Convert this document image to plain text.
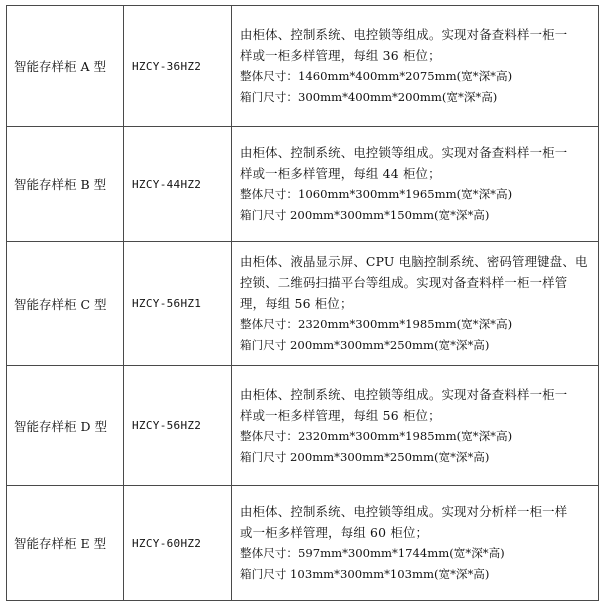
智能存样柜 A 型	HZCY-36HZ2	由柜体、控制系统、电控锁等组成。实现对备查料样一柜一
样或一柜多样管理，每组 36 柜位；
整体尺寸：1460mm*400mm*2075mm(宽*深*高)
箱门尺寸：300mm*400mm*200mm(宽*深*高)

智能存样柜 B 型	HZCY-44HZ2	由柜体、控制系统、电控锁等组成。实现对备查料样一柜一
样或一柜多样管理，每组 44 柜位；
整体尺寸：1060mm*300mm*1965mm(宽*深*高)
箱门尺寸 200mm*300mm*150mm(宽*深*高)

智能存样柜 C 型	HZCY-56HZ1	由柜体、液晶显示屏、CPU 电脑控制系统、密码管理键盘、电
控锁、二维码扫描平台等组成。实现对备查料样一柜一样管
理，每组 56 柜位；
整体尺寸：2320mm*300mm*1985mm(宽*深*高)
箱门尺寸 200mm*300mm*250mm(宽*深*高)

智能存样柜 D 型	HZCY-56HZ2	由柜体、控制系统、电控锁等组成。实现对备查料样一柜一
样或一柜多样管理，每组 56 柜位；
整体尺寸：2320mm*300mm*1985mm(宽*深*高)
箱门尺寸 200mm*300mm*250mm(宽*深*高)

智能存样柜 E 型	HZCY-60HZ2	由柜体、控制系统、电控锁等组成。实现对分析样一柜一样
或一柜多样管理，每组 60 柜位；
整体尺寸：597mm*300mm*1744mm(宽*深*高)
箱门尺寸 103mm*300mm*103mm(宽*深*高)
